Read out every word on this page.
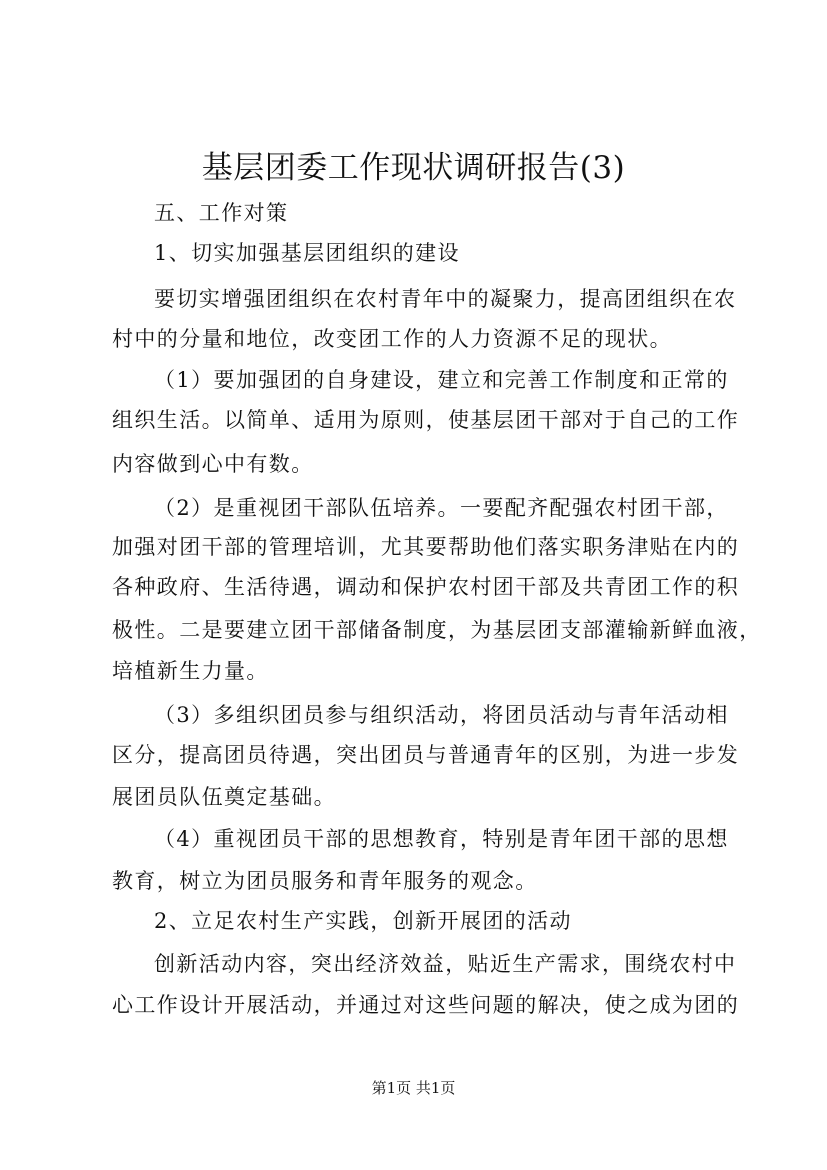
基层团委工作现状调研报告(3)

五、工作对策

1、切实加强基层团组织的建设

要切实增强团组织在农村青年中的凝聚力，提高团组织在农

村中的分量和地位，改变团工作的人力资源不足的现状。

（1）要加强团的自身建设，建立和完善工作制度和正常的

组织生活。以简单、适用为原则，使基层团干部对于自己的工作

内容做到心中有数。

（2）是重视团干部队伍培养。一要配齐配强农村团干部，

加强对团干部的管理培训，尤其要帮助他们落实职务津贴在内的

各种政府、生活待遇，调动和保护农村团干部及共青团工作的积

极性。二是要建立团干部储备制度，为基层团支部灌输新鲜血液，

培植新生力量。

（3）多组织团员参与组织活动，将团员活动与青年活动相

区分，提高团员待遇，突出团员与普通青年的区别，为进一步发

展团员队伍奠定基础。

（4）重视团员干部的思想教育，特别是青年团干部的思想

教育，树立为团员服务和青年服务的观念。

2、立足农村生产实践，创新开展团的活动

创新活动内容，突出经济效益，贴近生产需求，围绕农村中

心工作设计开展活动，并通过对这些问题的解决，使之成为团的

第1页 共1页
